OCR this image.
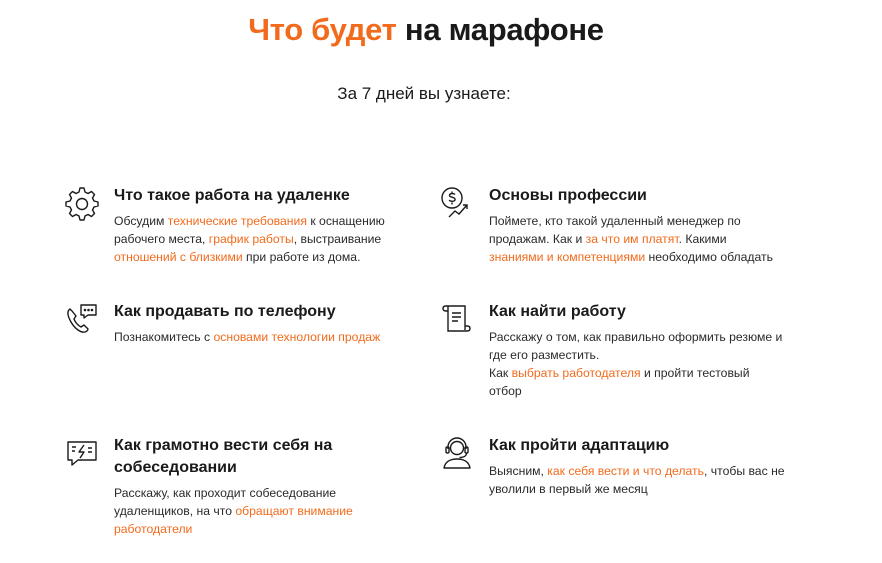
Что будет на марафоне
За 7 дней вы узнаете:
Что такое работа на удаленке

Обсудим технические требования к оснащению
рабочего места, график работы, выстраивание
отношений с близкими при работе из дома.

Основы профессии

Поймете, кто такой удаленный менеджер по
продажам. Как и за что им платят. Какими
знаниями и компетенциями необходимо обладать

Как продавать по телефону

Познакомитесь с основами технологии продаж

Как найти работу

Расскажу о том, как правильно оформить резюме и
где его разместить.
Как выбрать работодателя и пройти тестовый
отбор

Как грамотно вести себя на собеседовании

Расскажу, как проходит собеседование
удаленщиков, на что обращают внимание
работодатели

Как пройти адаптацию

Выясним, как себя вести и что делать, чтобы вас не
уволили в первый же месяц
